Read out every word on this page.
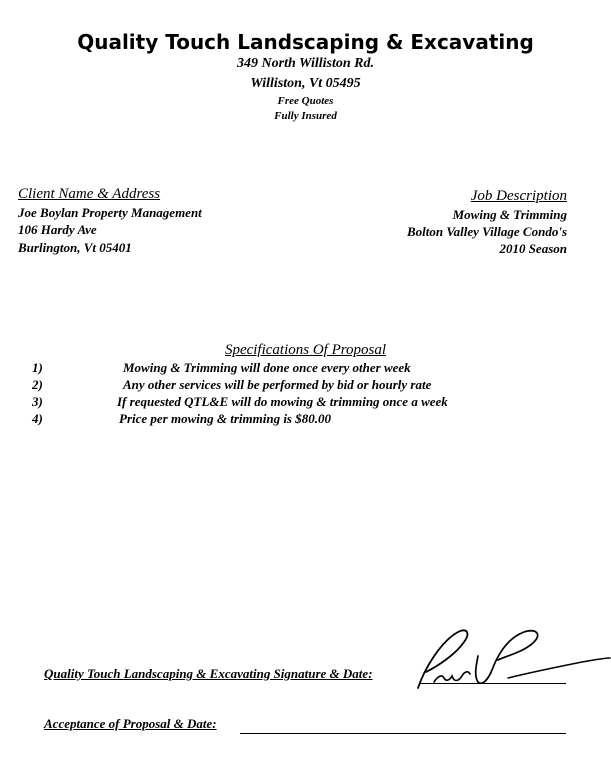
Quality Touch Landscaping & Excavating
349 North Williston Rd.
Williston, Vt 05495
Free Quotes
Fully Insured
Client Name & Address
Joe Boylan Property Management
106 Hardy Ave
Burlington, Vt 05401
Job Description
Mowing & Trimming
Bolton Valley Village Condo's
2010 Season
Specifications Of Proposal
1)	Mowing & Trimming will done once every other week
2)	Any other services will be performed by bid or hourly rate
3)	If requested QTL&E will do mowing & trimming once a week
4)	Price per mowing & trimming is $80.00
Quality Touch Landscaping & Excavating Signature & Date:
Acceptance of Proposal & Date:
